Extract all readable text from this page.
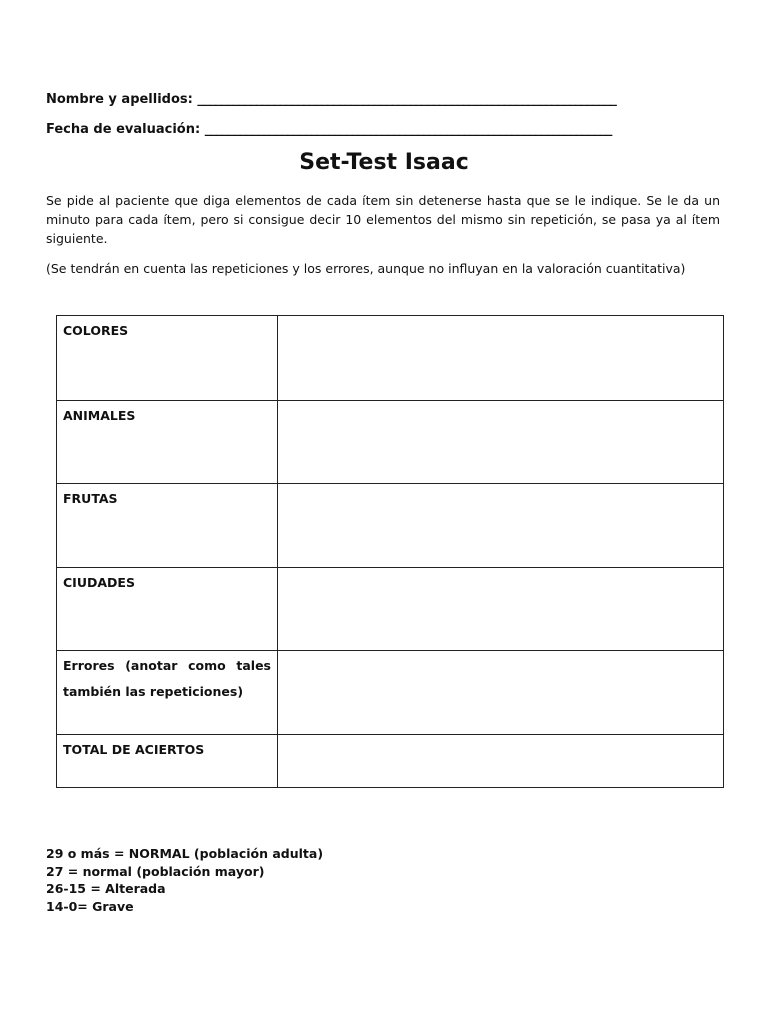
Nombre y apellidos: _______________________________________________________________________
Fecha de evaluación: _____________________________________________________________________
Set-Test Isaac
Se pide al paciente que diga elementos de cada ítem sin detenerse hasta que se le indique. Se le da un minuto para cada ítem, pero si consigue decir 10 elementos del mismo sin repetición, se pasa ya al ítem siguiente.
(Se tendrán en cuenta las repeticiones y los errores, aunque no influyan en la valoración cuantitativa)
COLORES	
ANIMALES	
FRUTAS	
CIUDADES	
Errores (anotar como tales también las repeticiones)	
TOTAL DE ACIERTOS	
29 o más = NORMAL (población adulta)
27 = normal (población mayor)
26-15 = Alterada
14-0= Grave
